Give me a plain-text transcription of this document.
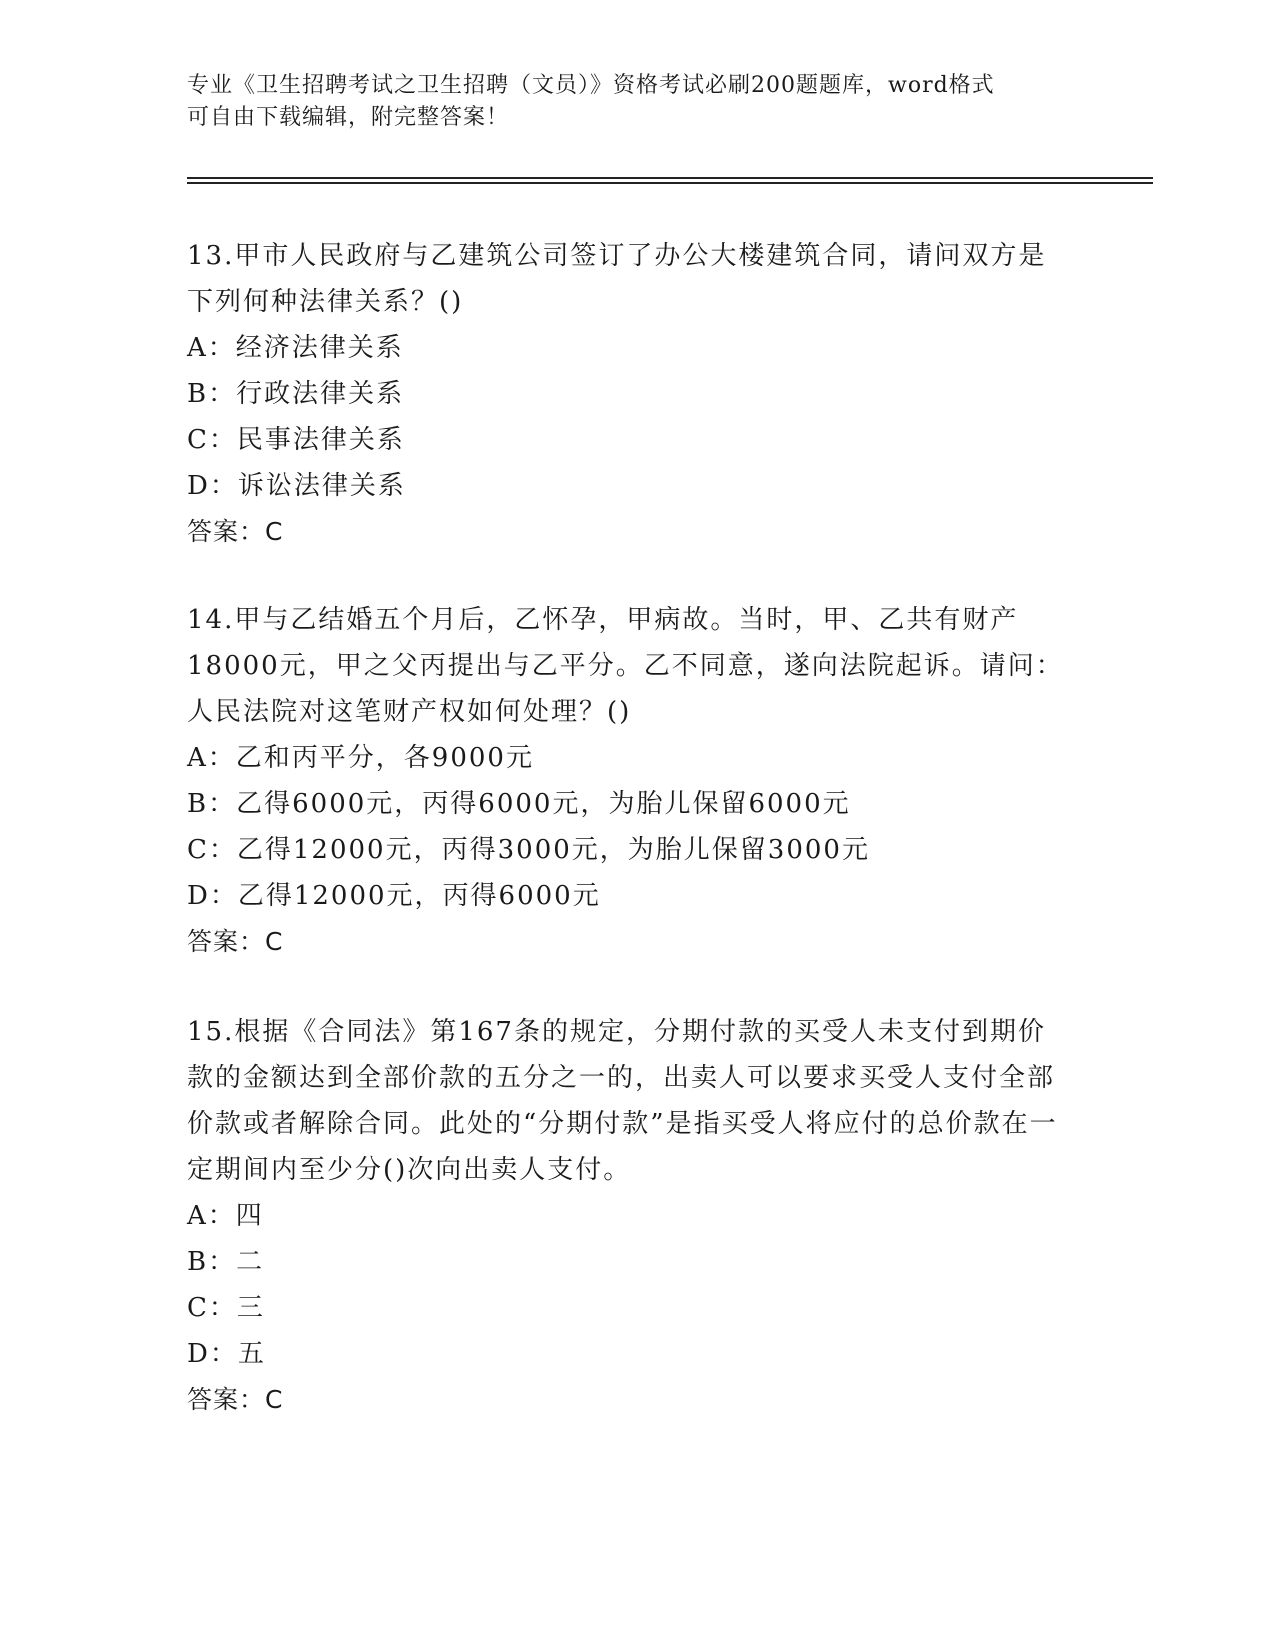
专业《卫生招聘考试之卫生招聘（文员）》资格考试必刷200题题库，word格式
可自由下载编辑，附完整答案！

13.甲市人民政府与乙建筑公司签订了办公大楼建筑合同，请问双方是下列何种法律关系？()

A：经济法律关系

B：行政法律关系

C：民事法律关系

D：诉讼法律关系

答案：C

14.甲与乙结婚五个月后，乙怀孕，甲病故。当时，甲、乙共有财产18000元，甲之父丙提出与乙平分。乙不同意，遂向法院起诉。请问：人民法院对这笔财产权如何处理？()

A：乙和丙平分，各9000元

B：乙得6000元，丙得6000元，为胎儿保留6000元

C：乙得12000元，丙得3000元，为胎儿保留3000元

D：乙得12000元，丙得6000元

答案：C

15.根据《合同法》第167条的规定，分期付款的买受人未支付到期价款的金额达到全部价款的五分之一的，出卖人可以要求买受人支付全部价款或者解除合同。此处的“分期付款”是指买受人将应付的总价款在一定期间内至少分()次向出卖人支付。

A：四

B：二

C：三

D：五

答案：C
